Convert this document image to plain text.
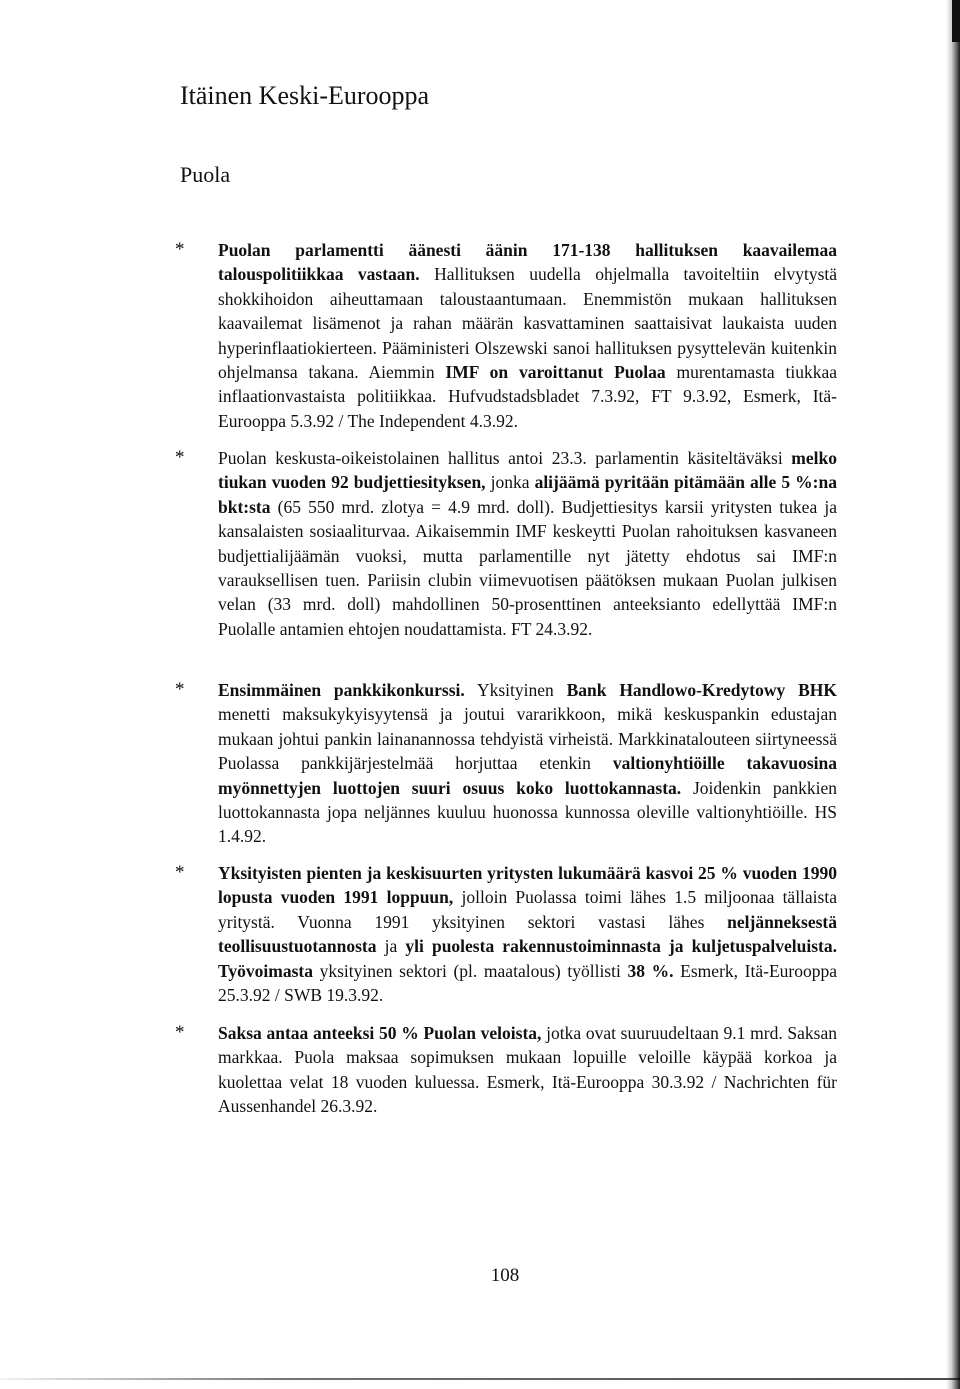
Itäinen Keski-Eurooppa
Puola
*	Puolan parlamentti äänesti äänin 171-138 hallituksen kaavailemaa talouspolitiikkaa vastaan. Hallituksen uudella ohjelmalla tavoiteltiin elvytystä shokkihoidon aiheuttamaan taloustaantumaan. Enemmistön mukaan hallituksen kaavailemat lisämenot ja rahan määrän kasvattaminen saattaisivat laukaista uuden hyperinflaatiokierteen. Pääministeri Olszewski sanoi hallituksen pysyttelevän kuitenkin ohjelmansa takana. Aiemmin IMF on varoittanut Puolaa murentamasta tiukkaa inflaationvastaista politiikkaa. Hufvudstadsbladet 7.3.92, FT 9.3.92, Esmerk, Itä-Eurooppa 5.3.92 / The Independent 4.3.92.
*	Puolan keskusta-oikeistolainen hallitus antoi 23.3. parlamentin käsiteltäväksi melko tiukan vuoden 92 budjettiesityksen, jonka alijäämä pyritään pitämään alle 5 %:na bkt:sta (65 550 mrd. zlotya = 4.9 mrd. doll). Budjettiesitys karsii yritysten tukea ja kansalaisten sosiaaliturvaa. Aikaisemmin IMF keskeytti Puolan rahoituksen kasvaneen budjettialijäämän vuoksi, mutta parlamentille nyt jätetty ehdotus sai IMF:n varauksellisen tuen. Pariisin clubin viimevuotisen päätöksen mukaan Puolan julkisen velan (33 mrd. doll) mahdollinen 50-prosenttinen anteeksianto edellyttää IMF:n Puolalle antamien ehtojen noudattamista. FT 24.3.92.
*	Ensimmäinen pankkikonkurssi. Yksityinen Bank Handlowo-Kredytowy BHK menetti maksukykyisyytensä ja joutui vararikkoon, mikä keskuspankin edustajan mukaan johtui pankin lainanannossa tehdyistä virheistä. Markkinatalouteen siirtyneessä Puolassa pankkijärjestelmää horjuttaa etenkin valtionyhtiöille takavuosina myönnettyjen luottojen suuri osuus koko luottokannasta. Joidenkin pankkien luottokannasta jopa neljännes kuuluu huonossa kunnossa oleville valtionyhtiöille. HS 1.4.92.
*	Yksityisten pienten ja keskisuurten yritysten lukumäärä kasvoi 25 % vuoden 1990 lopusta vuoden 1991 loppuun, jolloin Puolassa toimi lähes 1.5 miljoonaa tällaista yritystä. Vuonna 1991 yksityinen sektori vastasi lähes neljänneksestä teollisuustuotannosta ja yli puolesta rakennustoiminnasta ja kuljetuspalveluista. Työvoimasta yksityinen sektori (pl. maatalous) työllisti 38 %. Esmerk, Itä-Eurooppa 25.3.92 / SWB 19.3.92.
*	Saksa antaa anteeksi 50 % Puolan veloista, jotka ovat suuruudeltaan 9.1 mrd. Saksan markkaa. Puola maksaa sopimuksen mukaan lopuille veloille käypää korkoa ja kuolettaa velat 18 vuoden kuluessa. Esmerk, Itä-Eurooppa 30.3.92 / Nachrichten für Aussenhandel 26.3.92.
108
